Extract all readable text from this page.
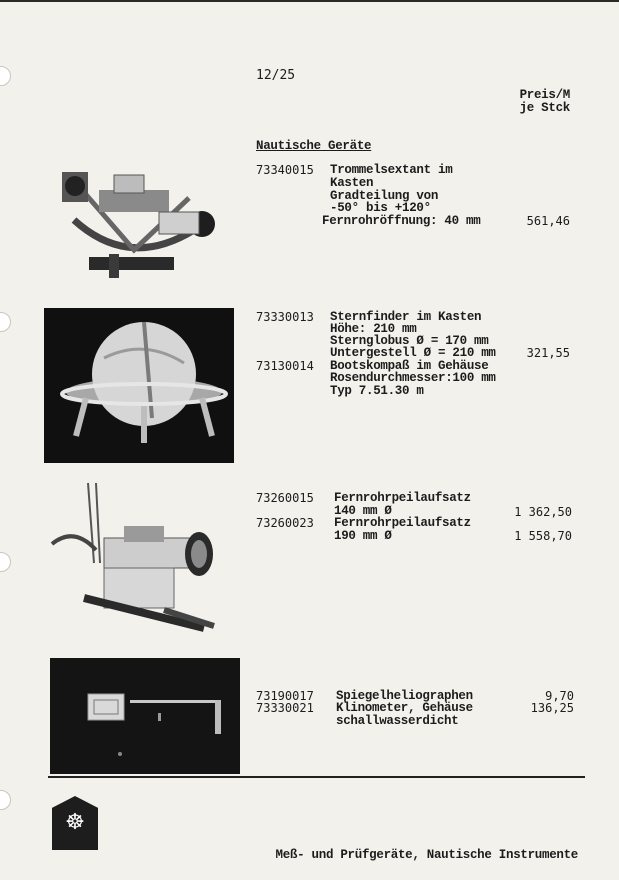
12/25
Preis/M
je Stck
Nautische Geräte
73340015 Trommelsextant im
Kasten
Gradteilung von
-50° bis +120°
Fernrohröffnung: 40 mm	561,46
73330013 Sternfinder im Kasten
Höhe: 210 mm
Sternglobus Ø = 170 mm
Untergestell Ø = 210 mm	321,55
73130014 Bootskompaß im Gehäuse
Rosendurchmesser:100 mm
Typ 7.51.30 m
73260015 Fernrohrpeilaufsatz
140 mm Ø	1 362,50
73260023 Fernrohrpeilaufsatz
190 mm Ø	1 558,70
73190017 Spiegelheliographen	9,70
73330021 Klinometer, Gehäuse	136,25
schallwasserdicht
☸
Meß- und Prüfgeräte, Nautische Instrumente
